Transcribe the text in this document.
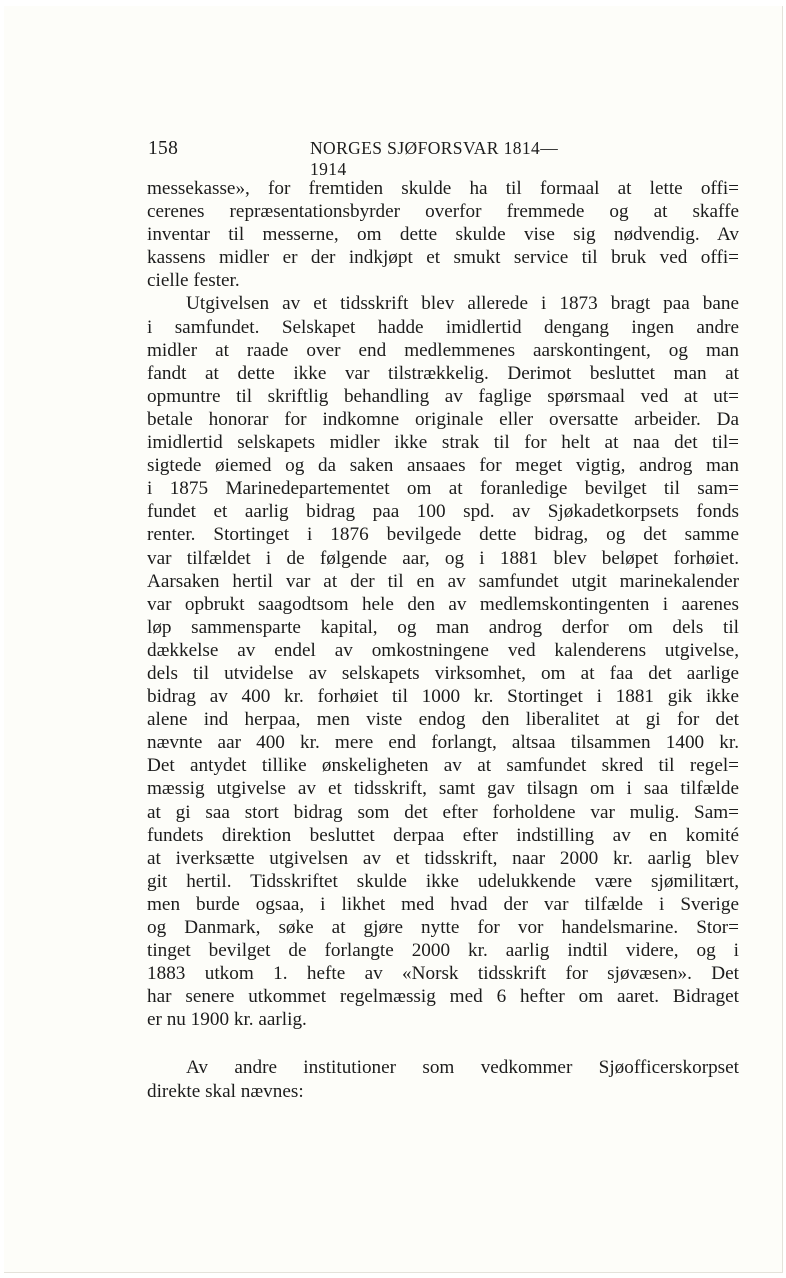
158	NORGES SJØFORSVAR 1814—1914

messekasse», for fremtiden skulde ha til formaal at lette offi=
cerenes repræsentationsbyrder overfor fremmede og at skaffe
inventar til messerne, om dette skulde vise sig nødvendig. Av
kassens midler er der indkjøpt et smukt service til bruk ved offi=
cielle fester.

Utgivelsen av et tidsskrift blev allerede i 1873 bragt paa bane
i samfundet. Selskapet hadde imidlertid dengang ingen andre
midler at raade over end medlemmenes aarskontingent, og man
fandt at dette ikke var tilstrækkelig. Derimot besluttet man at
opmuntre til skriftlig behandling av faglige spørsmaal ved at ut=
betale honorar for indkomne originale eller oversatte arbeider. Da
imidlertid selskapets midler ikke strak til for helt at naa det til=
sigtede øiemed og da saken ansaaes for meget vigtig, androg man
i 1875 Marinedepartementet om at foranledige bevilget til sam=
fundet et aarlig bidrag paa 100 spd. av Sjøkadetkorpsets fonds
renter. Stortinget i 1876 bevilgede dette bidrag, og det samme
var tilfældet i de følgende aar, og i 1881 blev beløpet forhøiet.
Aarsaken hertil var at der til en av samfundet utgit marinekalender
var opbrukt saagodtsom hele den av medlemskontingenten i aarenes
løp sammensparte kapital, og man androg derfor om dels til
dækkelse av endel av omkostningene ved kalenderens utgivelse,
dels til utvidelse av selskapets virksomhet, om at faa det aarlige
bidrag av 400 kr. forhøiet til 1000 kr. Stortinget i 1881 gik ikke
alene ind herpaa, men viste endog den liberalitet at gi for det
nævnte aar 400 kr. mere end forlangt, altsaa tilsammen 1400 kr.
Det antydet tillike ønskeligheten av at samfundet skred til regel=
mæssig utgivelse av et tidsskrift, samt gav tilsagn om i saa tilfælde
at gi saa stort bidrag som det efter forholdene var mulig. Sam=
fundets direktion besluttet derpaa efter indstilling av en komité
at iverksætte utgivelsen av et tidsskrift, naar 2000 kr. aarlig blev
git hertil. Tidsskriftet skulde ikke udelukkende være sjømilitært,
men burde ogsaa, i likhet med hvad der var tilfælde i Sverige
og Danmark, søke at gjøre nytte for vor handelsmarine. Stor=
tinget bevilget de forlangte 2000 kr. aarlig indtil videre, og i
1883 utkom 1. hefte av «Norsk tidsskrift for sjøvæsen». Det
har senere utkommet regelmæssig med 6 hefter om aaret. Bidraget
er nu 1900 kr. aarlig.

Av andre institutioner som vedkommer Sjøofficerskorpset
direkte skal nævnes:
